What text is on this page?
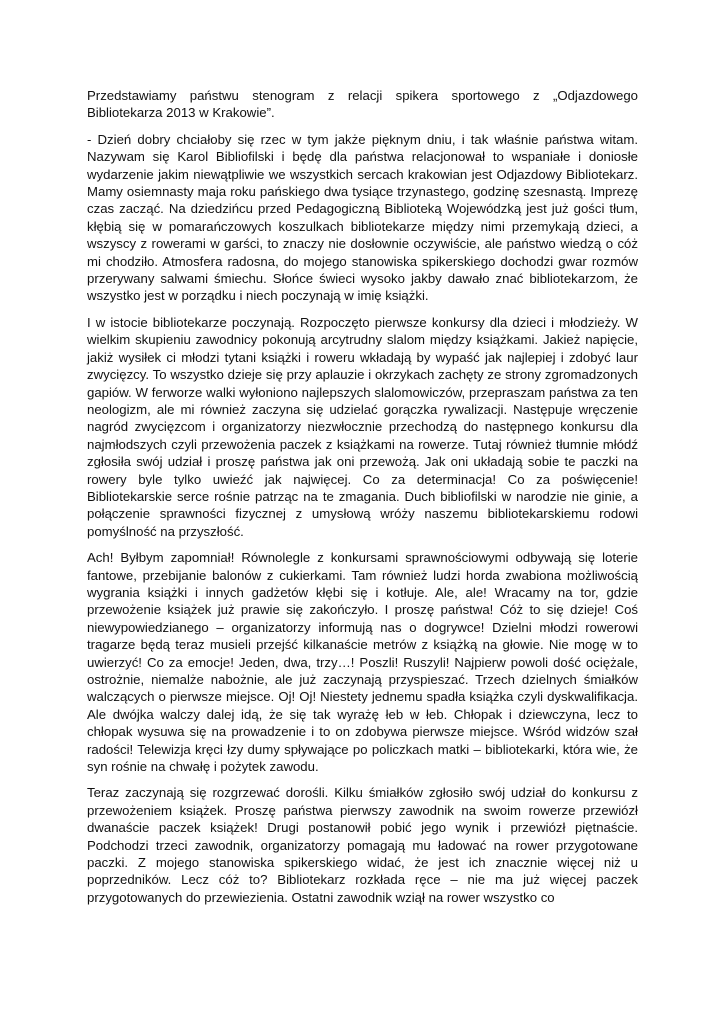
Przedstawiamy państwu stenogram z relacji spikera sportowego z „Odjazdowego Bibliotekarza 2013 w Krakowie”.

- Dzień dobry chciałoby się rzec w tym jakże pięknym dniu, i tak właśnie państwa witam. Nazywam się Karol Bibliofilski i będę dla państwa relacjonował to wspaniałe i doniosłe wydarzenie jakim niewątpliwie we wszystkich sercach krakowian jest Odjazdowy Bibliotekarz. Mamy osiemnasty maja roku pańskiego dwa tysiące trzynastego, godzinę szesnastą. Imprezę czas zacząć. Na dziedzińcu przed Pedagogiczną Biblioteką Wojewódzką jest już gości tłum, kłębią się w pomarańczowych koszulkach bibliotekarze między nimi przemykają dzieci, a wszyscy z rowerami w garści, to znaczy nie dosłownie oczywiście, ale państwo wiedzą o cóż mi chodziło. Atmosfera radosna, do mojego stanowiska spikerskiego dochodzi gwar rozmów przerywany salwami śmiechu. Słońce świeci wysoko jakby dawało znać bibliotekarzom, że wszystko jest w porządku i niech poczynają w imię książki.

I w istocie bibliotekarze poczynają. Rozpoczęto pierwsze konkursy dla dzieci i młodzieży. W wielkim skupieniu zawodnicy pokonują arcytrudny slalom między książkami. Jakież napięcie, jakiż wysiłek ci młodzi tytani książki i roweru wkładają by wypaść jak najlepiej i zdobyć laur zwycięzcy. To wszystko dzieje się przy aplauzie i okrzykach zachęty ze strony zgromadzonych gapiów. W ferworze walki wyłoniono najlepszych slalomowiczów, przepraszam państwa za ten neologizm, ale mi również zaczyna się udzielać gorączka rywalizacji. Następuje wręczenie nagród zwycięzcom i organizatorzy niezwłocznie przechodzą do następnego konkursu dla najmłodszych czyli przewożenia paczek z książkami na rowerze. Tutaj również tłumnie młódź zgłosiła swój udział i proszę państwa jak oni przewożą. Jak oni układają sobie te paczki na rowery byle tylko uwieźć jak najwięcej. Co za determinacja! Co za poświęcenie! Bibliotekarskie serce rośnie patrząc na te zmagania. Duch bibliofilski w narodzie nie ginie, a połączenie sprawności fizycznej z umysłową wróży naszemu bibliotekarskiemu rodowi pomyślność na przyszłość.

Ach! Byłbym zapomniał! Równolegle z konkursami sprawnościowymi odbywają się loterie fantowe, przebijanie balonów z cukierkami. Tam również ludzi horda zwabiona możliwością wygrania książki i innych gadżetów kłębi się i kotłuje. Ale, ale! Wracamy na tor, gdzie przewożenie książek już prawie się zakończyło. I proszę państwa! Cóż to się dzieje! Coś niewypowiedzianego – organizatorzy informują nas o dogrywce! Dzielni młodzi rowerowi tragarze będą teraz musieli przejść kilkanaście metrów z książką na głowie. Nie mogę w to uwierzyć! Co za emocje! Jeden, dwa, trzy…! Poszli! Ruszyli! Najpierw powoli dość ociężale, ostrożnie, niemalże nabożnie, ale już zaczynają przyspieszać. Trzech dzielnych śmiałków walczących o pierwsze miejsce. Oj! Oj! Niestety jednemu spadła książka czyli dyskwalifikacja. Ale dwójka walczy dalej idą, że się tak wyrażę łeb w łeb. Chłopak i dziewczyna, lecz to chłopak wysuwa się na prowadzenie i to on zdobywa pierwsze miejsce. Wśród widzów szał radości! Telewizja kręci łzy dumy spływające po policzkach matki – bibliotekarki, która wie, że syn rośnie na chwałę i pożytek zawodu.

Teraz zaczynają się rozgrzewać dorośli. Kilku śmiałków zgłosiło swój udział do konkursu z przewożeniem książek. Proszę państwa pierwszy zawodnik na swoim rowerze przewiózł dwanaście paczek książek! Drugi postanowił pobić jego wynik i przewiózł piętnaście. Podchodzi trzeci zawodnik, organizatorzy pomagają mu ładować na rower przygotowane paczki. Z mojego stanowiska spikerskiego widać, że jest ich znacznie więcej niż u poprzedników. Lecz cóż to? Bibliotekarz rozkłada ręce – nie ma już więcej paczek przygotowanych do przewiezienia. Ostatni zawodnik wziął na rower wszystko co
